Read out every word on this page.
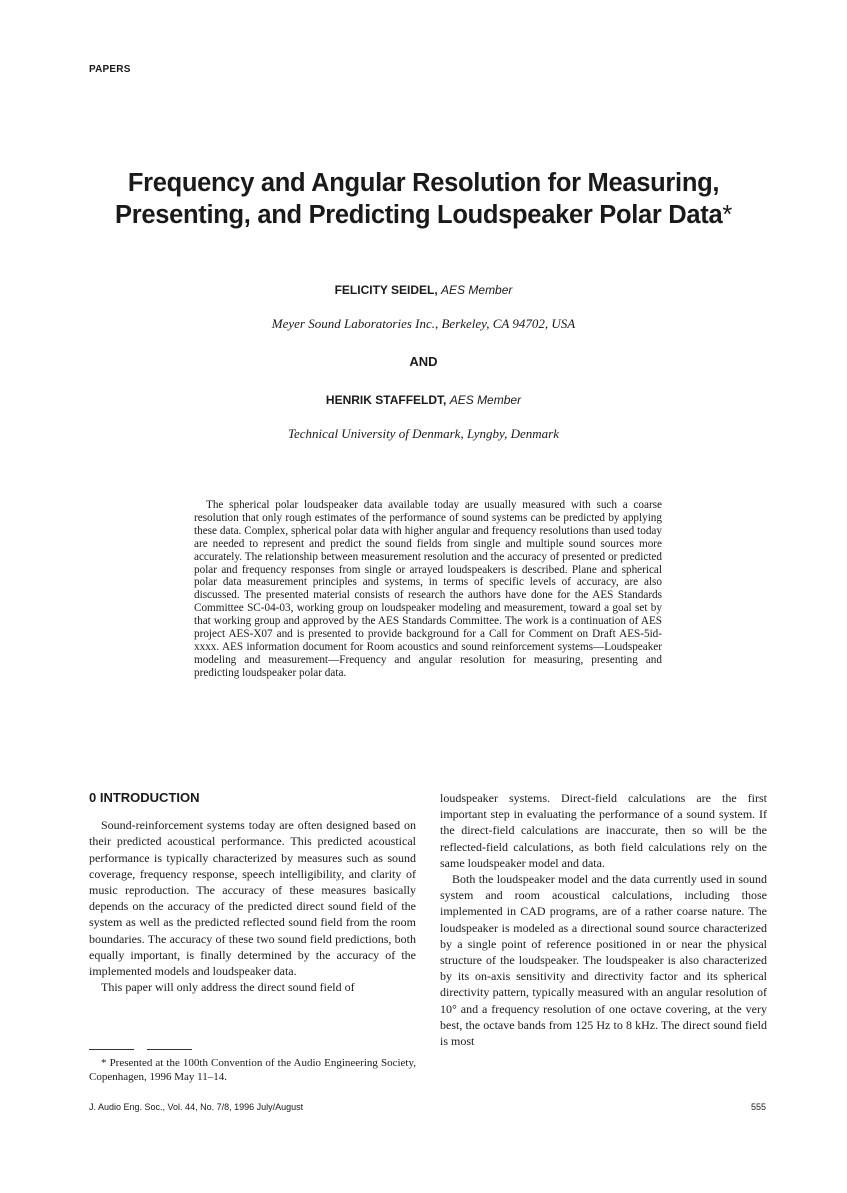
PAPERS
Frequency and Angular Resolution for Measuring,
Presenting, and Predicting Loudspeaker Polar Data*
FELICITY SEIDEL, AES Member
Meyer Sound Laboratories Inc., Berkeley, CA 94702, USA
AND
HENRIK STAFFELDT, AES Member
Technical University of Denmark, Lyngby, Denmark

The spherical polar loudspeaker data available today are usually measured with such a coarse resolution that only rough estimates of the performance of sound systems can be predicted by applying these data. Complex, spherical polar data with higher angular and frequency resolutions than used today are needed to represent and predict the sound fields from single and multiple sound sources more accurately. The relationship between measurement resolution and the accuracy of presented or predicted polar and frequency responses from single or arrayed loudspeakers is described. Plane and spherical polar data measurement principles and systems, in terms of specific levels of accuracy, are also discussed. The presented material consists of research the authors have done for the AES Standards Committee SC-04-03, working group on loudspeaker modeling and measurement, toward a goal set by that working group and approved by the AES Standards Committee. The work is a continuation of AES project AES-X07 and is presented to provide background for a Call for Comment on Draft AES-5id-xxxx. AES information document for Room acoustics and sound reinforcement systems—Loudspeaker modeling and measurement—Frequency and angular resolution for measuring, presenting and predicting loudspeaker polar data.

0 INTRODUCTION

Sound-reinforcement systems today are often designed based on their predicted acoustical performance. This predicted acoustical performance is typically characterized by measures such as sound coverage, frequency response, speech intelligibility, and clarity of music reproduction. The accuracy of these measures basically depends on the accuracy of the predicted direct sound field of the system as well as the predicted reflected sound field from the room boundaries. The accuracy of these two sound field predictions, both equally important, is finally determined by the accuracy of the implemented models and loudspeaker data.

This paper will only address the direct sound field of

loudspeaker systems. Direct-field calculations are the first important step in evaluating the performance of a sound system. If the direct-field calculations are inaccurate, then so will be the reflected-field calculations, as both field calculations rely on the same loudspeaker model and data.

Both the loudspeaker model and the data currently used in sound system and room acoustical calculations, including those implemented in CAD programs, are of a rather coarse nature. The loudspeaker is modeled as a directional sound source characterized by a single point of reference positioned in or near the physical structure of the loudspeaker. The loudspeaker is also characterized by its on-axis sensitivity and directivity factor and its spherical directivity pattern, typically measured with an angular resolution of 10° and a frequency resolution of one octave covering, at the very best, the octave bands from 125 Hz to 8 kHz. The direct sound field is most

* Presented at the 100th Convention of the Audio Engineering Society, Copenhagen, 1996 May 11–14.
J. Audio Eng. Soc., Vol. 44, No. 7/8, 1996 July/August	555
